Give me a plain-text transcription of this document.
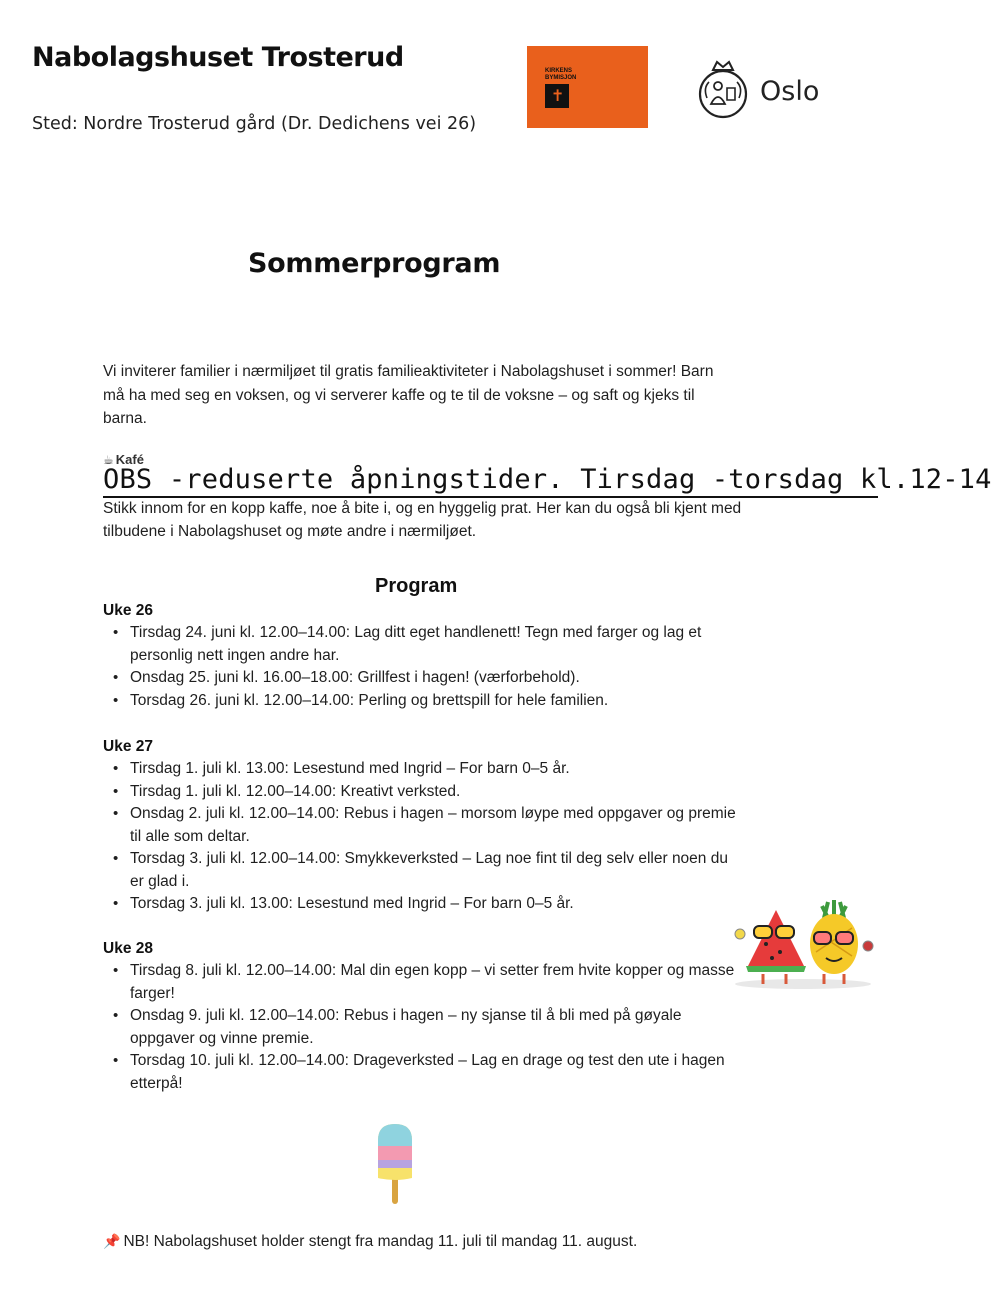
Nabolagshuset Trosterud
Sted: Nordre Trosterud gård (Dr. Dedichens vei 26)
KIRKENS
BYMISJON
✝	Oslo
Sommerprogram
Vi inviterer familier i nærmiljøet til gratis familieaktiviteter i Nabolagshuset i sommer! Barn må ha med seg en voksen, og vi serverer kaffe og te til de voksne – og saft og kjeks til barna.
☕ Kafé
OBS -reduserte åpningstider. Tirsdag -torsdag kl.12-14
Stikk innom for en kopp kaffe, noe å bite i, og en hyggelig prat. Her kan du også bli kjent med tilbudene i Nabolagshuset og møte andre i nærmiljøet.
Program
Uke 26
• Tirsdag 24. juni kl. 12.00–14.00: Lag ditt eget handlenett! Tegn med farger og lag et personlig nett ingen andre har.
• Onsdag 25. juni kl. 16.00–18.00: Grillfest i hagen! (værforbehold).
• Torsdag 26. juni kl. 12.00–14.00: Perling og brettspill for hele familien.
Uke 27
• Tirsdag 1. juli kl. 13.00: Lesestund med Ingrid – For barn 0–5 år.
• Tirsdag 1. juli kl. 12.00–14.00: Kreativt verksted.
• Onsdag 2. juli kl. 12.00–14.00: Rebus i hagen – morsom løype med oppgaver og premie til alle som deltar.
• Torsdag 3. juli kl. 12.00–14.00: Smykkeverksted – Lag noe fint til deg selv eller noen du er glad i.
• Torsdag 3. juli kl. 13.00: Lesestund med Ingrid – For barn 0–5 år.
Uke 28
• Tirsdag 8. juli kl. 12.00–14.00: Mal din egen kopp – vi setter frem hvite kopper og masse farger!
• Onsdag 9. juli kl. 12.00–14.00: Rebus i hagen – ny sjanse til å bli med på gøyale oppgaver og vinne premie.
• Torsdag 10. juli kl. 12.00–14.00: Drageverksted – Lag en drage og test den ute i hagen etterpå!
📌 NB! Nabolagshuset holder stengt fra mandag 11. juli til mandag 11. august.
